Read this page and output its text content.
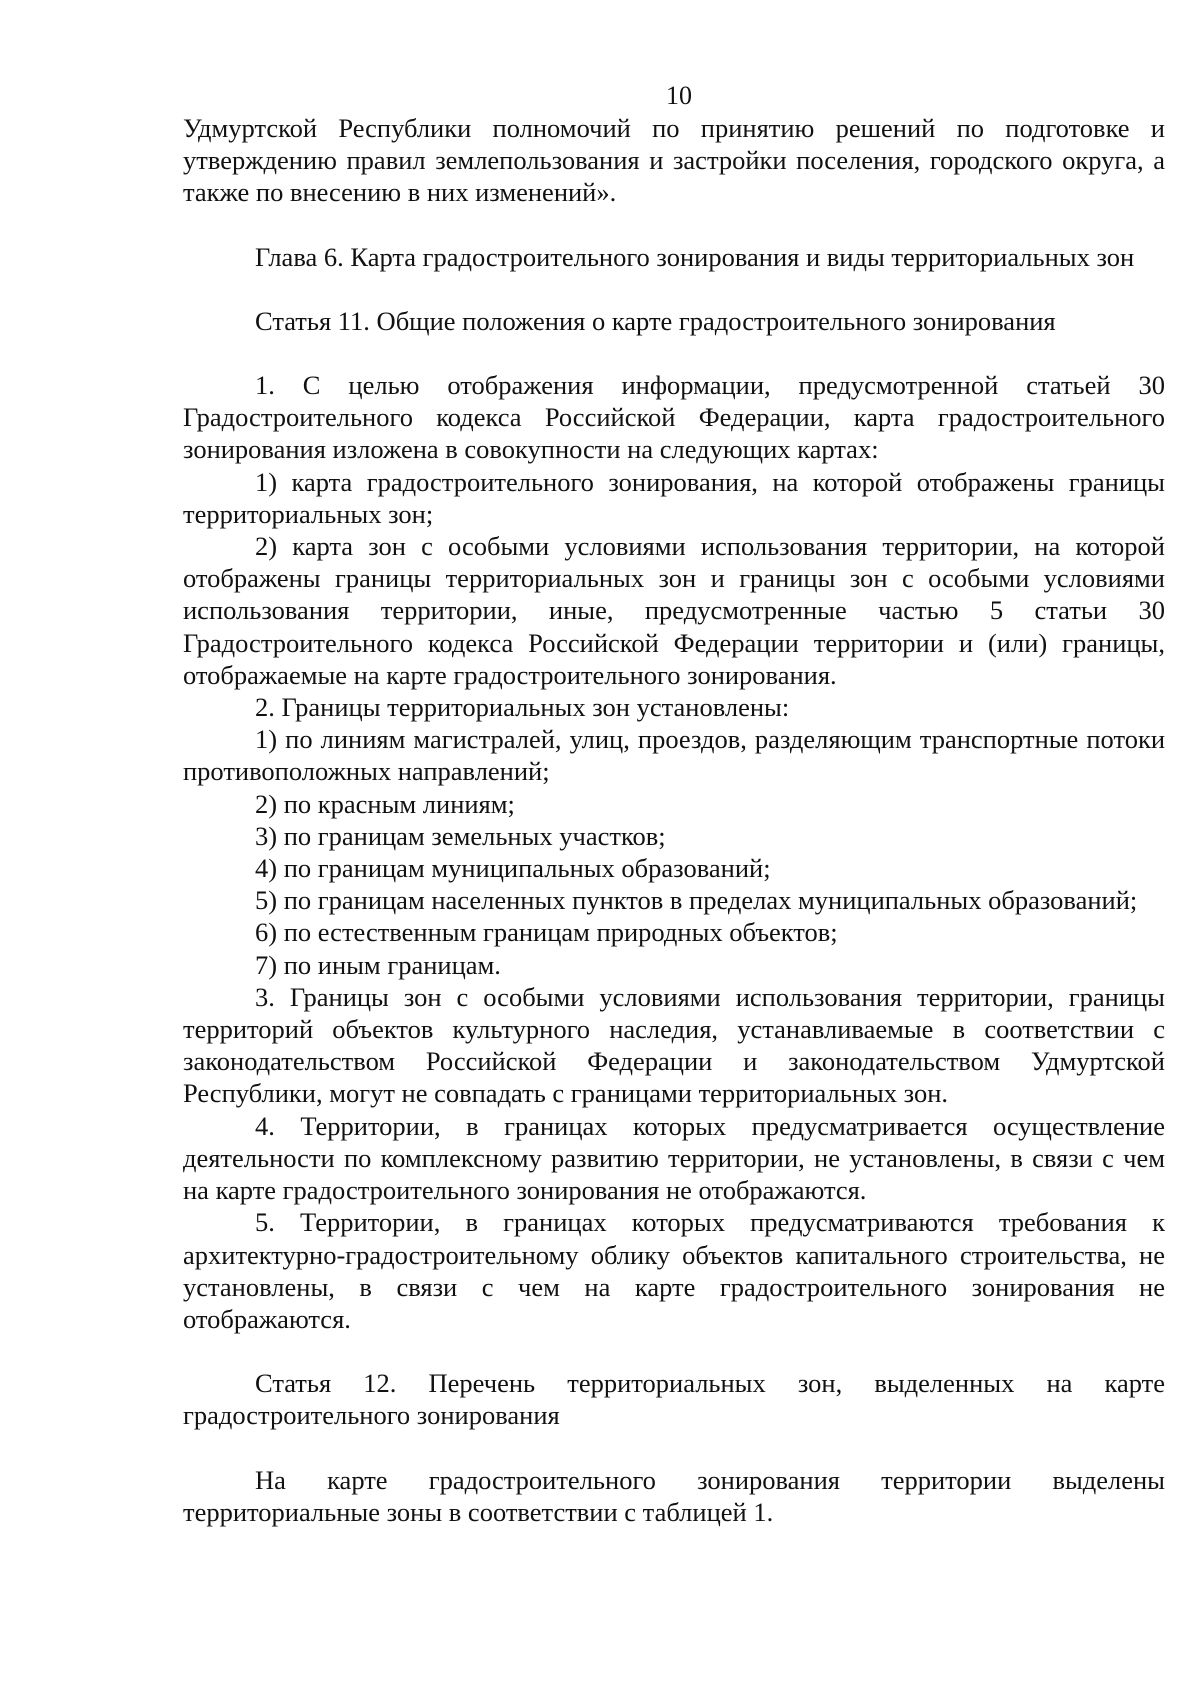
10

Удмуртской Республики полномочий по принятию решений по подготовке и утверждению правил землепользования и застройки поселения, городского округа, а также по внесению в них изменений».

Глава 6. Карта градостроительного зонирования и виды территориальных зон

Статья 11. Общие положения о карте градостроительного зонирования

1. С целью отображения информации, предусмотренной статьей 30 Градостроительного кодекса Российской Федерации, карта градостроительного зонирования изложена в совокупности на следующих картах:

1) карта градостроительного зонирования, на которой отображены границы территориальных зон;

2) карта зон с особыми условиями использования территории, на которой отображены границы территориальных зон и границы зон с особыми условиями использования территории, иные, предусмотренные частью 5 статьи 30 Градостроительного кодекса Российской Федерации территории и (или) границы, отображаемые на карте градостроительного зонирования.

2. Границы территориальных зон установлены:

1) по линиям магистралей, улиц, проездов, разделяющим транспортные потоки противоположных направлений;

2) по красным линиям;

3) по границам земельных участков;

4) по границам муниципальных образований;

5) по границам населенных пунктов в пределах муниципальных образований;

6) по естественным границам природных объектов;

7) по иным границам.

3. Границы зон с особыми условиями использования территории, границы территорий объектов культурного наследия, устанавливаемые в соответствии с законодательством Российской Федерации и законодательством Удмуртской Республики, могут не совпадать с границами территориальных зон.

4. Территории, в границах которых предусматривается осуществление деятельности по комплексному развитию территории, не установлены, в связи с чем на карте градостроительного зонирования не отображаются.

5. Территории, в границах которых предусматриваются требования к архитектурно-градостроительному облику объектов капитального строительства, не установлены, в связи с чем на карте градостроительного зонирования не отображаются.

Статья 12. Перечень территориальных зон, выделенных на карте градостроительного зонирования

На карте градостроительного зонирования территории выделены территориальные зоны в соответствии с таблицей 1.
